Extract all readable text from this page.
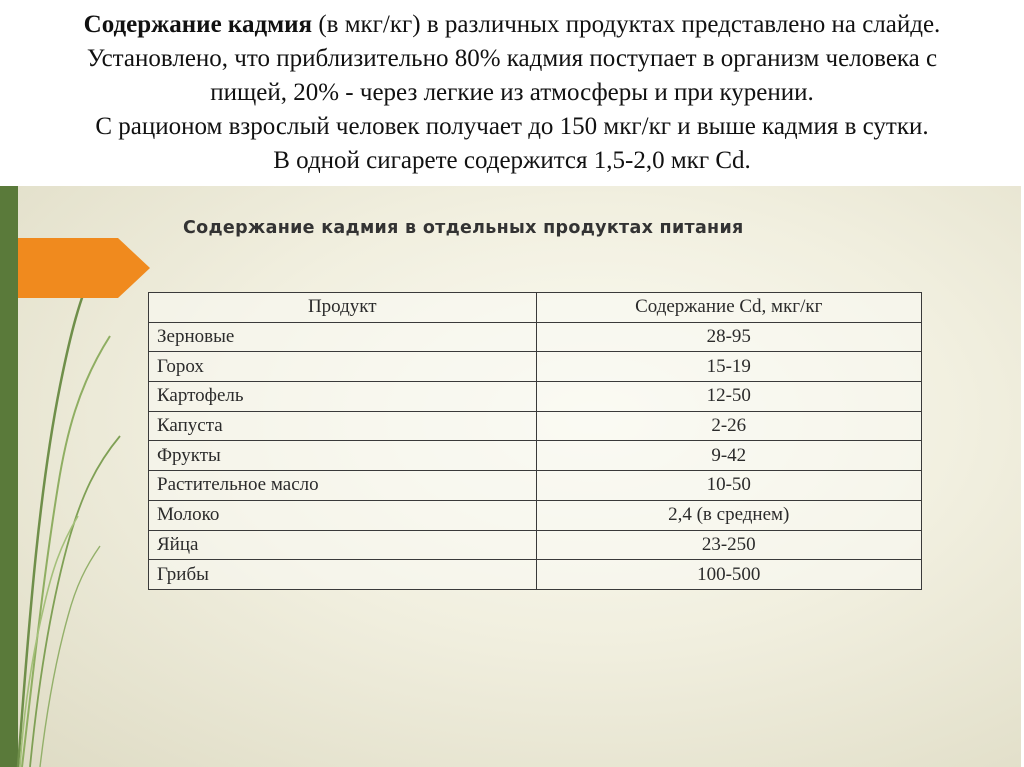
Содержание кадмия (в мкг/кг) в различных продуктах представлено на слайде.
Установлено, что приблизительно 80% кадмия поступает в организм человека с
пищей, 20% - через легкие из атмосферы и при курении.
С рационом взрослый человек получает до 150 мкг/кг и выше кадмия в сутки.
В одной сигарете содержится 1,5-2,0 мкг Cd.
Содержание кадмия в отдельных продуктах питания
Продукт	Содержание Cd, мкг/кг
Зерновые	28-95
Горох	15-19
Картофель	12-50
Капуста	2-26
Фрукты	9-42
Растительное масло	10-50
Молоко	2,4 (в среднем)
Яйца	23-250
Грибы	100-500
